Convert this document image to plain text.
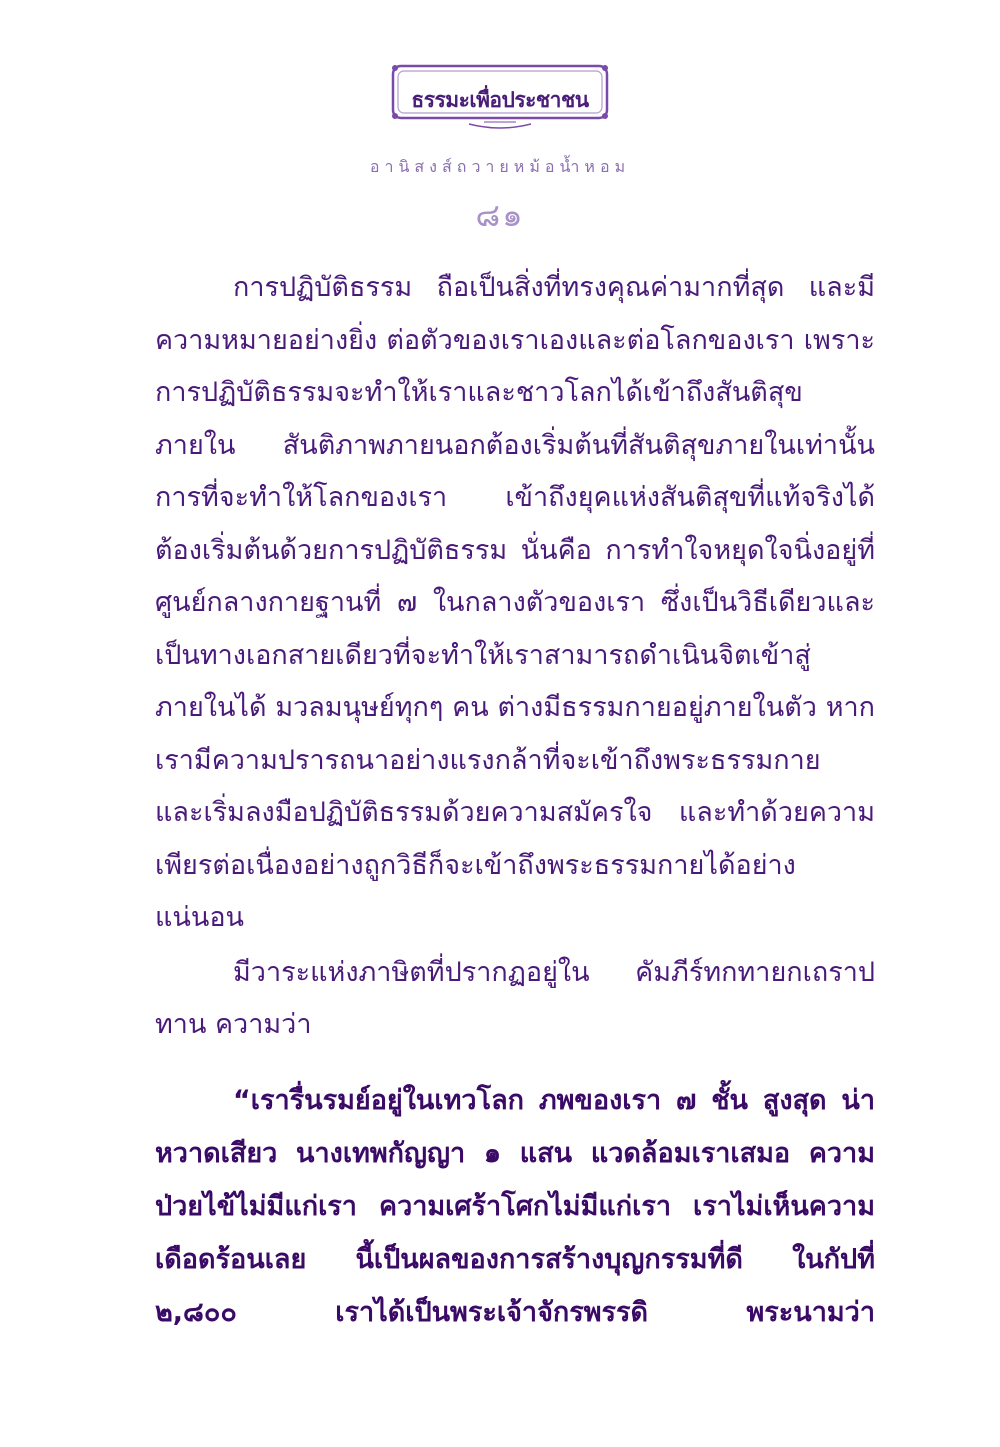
ธรรมะเพื่อประชาชน
อานิสงส์ถวายหม้อน้ำหอม
๘๑

การปฏิบัติธรรม ถือเป็นสิ่งที่ทรงคุณค่ามากที่สุด และมีความหมายอย่างยิ่ง ต่อตัวของเราเองและต่อโลกของเรา เพราะการปฏิบัติธรรมจะทำให้เราและชาวโลกได้เข้าถึงสันติสุขภายใน สันติภาพภายนอกต้องเริ่มต้นที่สันติสุขภายในเท่านั้น การที่จะทำให้โลกของเรา เข้าถึงยุคแห่งสันติสุขที่แท้จริงได้ ต้องเริ่มต้นด้วยการปฏิบัติธรรม นั่นคือ การทำใจหยุดใจนิ่งอยู่ที่ศูนย์กลางกายฐานที่ ๗ ในกลางตัวของเรา ซึ่งเป็นวิธีเดียวและเป็นทางเอกสายเดียวที่จะทำให้เราสามารถดำเนินจิตเข้าสู่ภายในได้ มวลมนุษย์ทุกๆ คน ต่างมีธรรมกายอยู่ภายในตัว หากเรามีความปรารถนาอย่างแรงกล้าที่จะเข้าถึงพระธรรมกาย และเริ่มลงมือปฏิบัติธรรมด้วยความสมัครใจ และทำด้วยความเพียรต่อเนื่องอย่างถูกวิธีก็จะเข้าถึงพระธรรมกายได้อย่างแน่นอน

มีวาระแห่งภาษิตที่ปรากฏอยู่ใน คัมภีร์ทกทายกเถราปทาน ความว่า

“เรารื่นรมย์อยู่ในเทวโลก ภพของเรา ๗ ชั้น สูงสุด น่าหวาดเสียว นางเทพกัญญา ๑ แสน แวดล้อมเราเสมอ ความป่วยไข้ไม่มีแก่เรา ความเศร้าโศกไม่มีแก่เรา เราไม่เห็นความเดือดร้อนเลย นี้เป็นผลของการสร้างบุญกรรมที่ดี ในกัปที่ ๒,๘๐๐ เราได้เป็นพระเจ้าจักรพรรดิ พระนามว่า
